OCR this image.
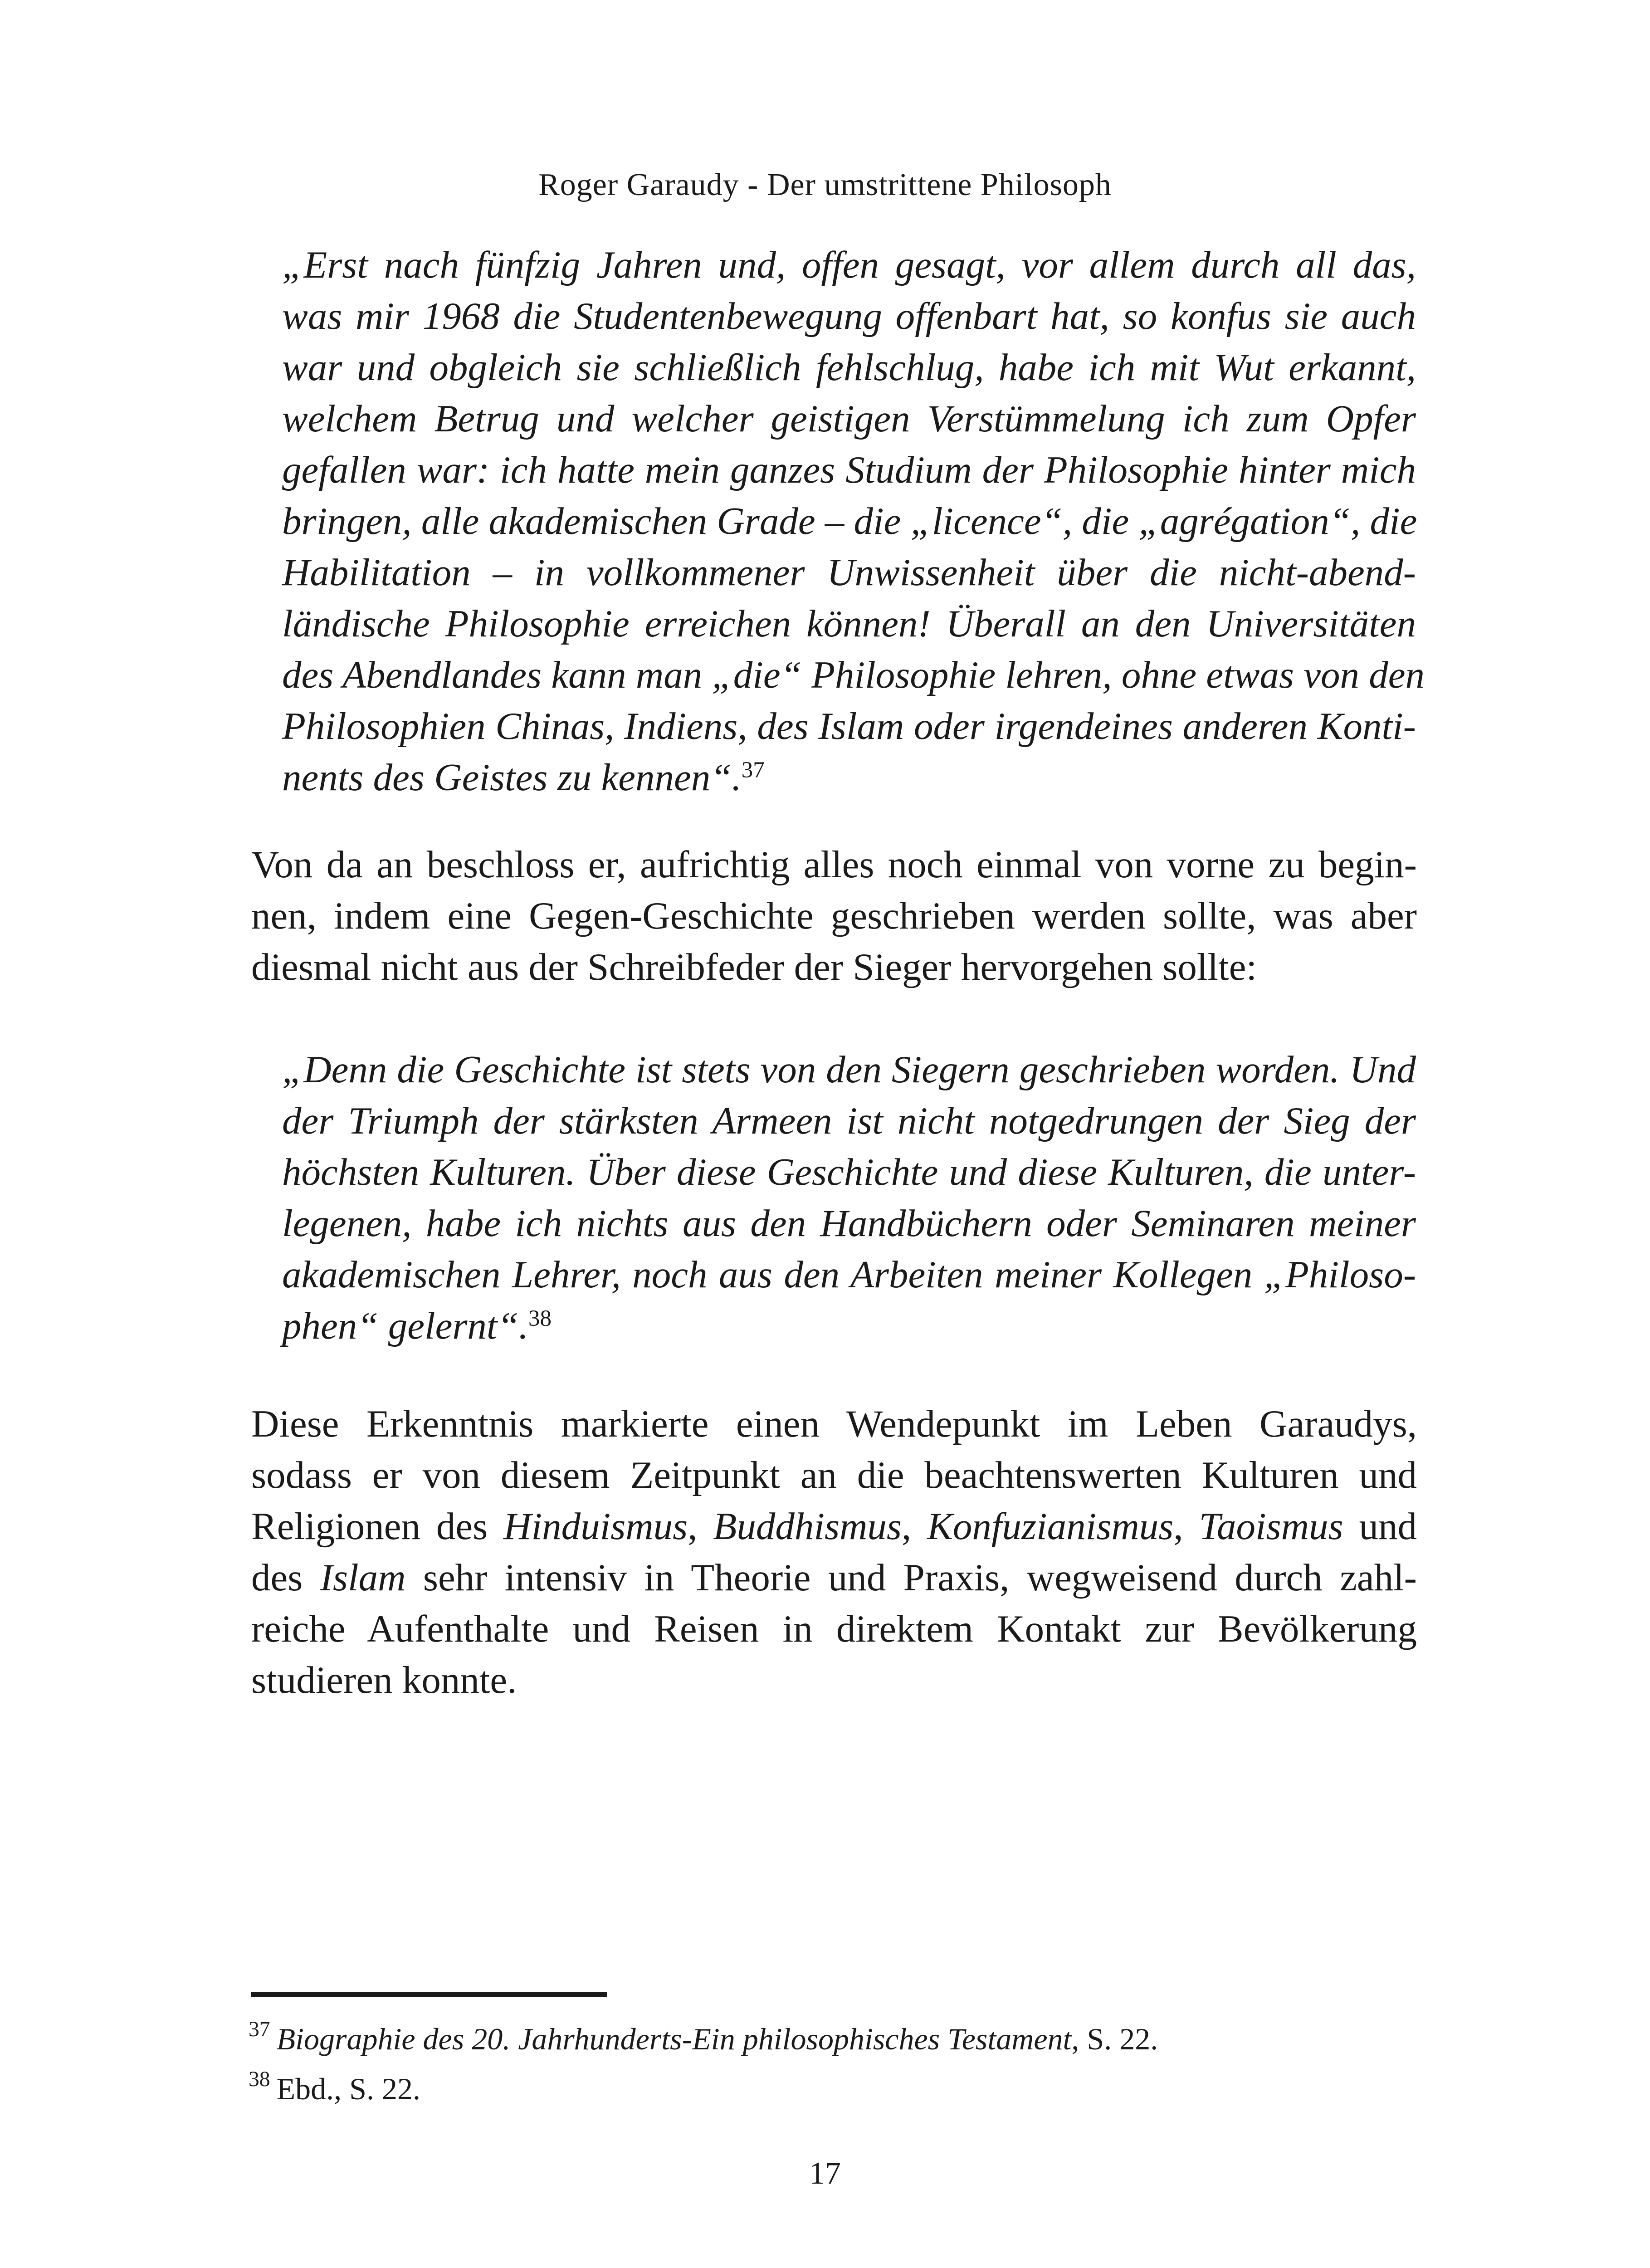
Roger Garaudy - Der umstrittene Philosoph
„Erst nach fünfzig Jahren und, offen gesagt, vor allem durch all das,
was mir 1968 die Studentenbewegung offenbart hat, so konfus sie auch
war und obgleich sie schließlich fehlschlug, habe ich mit Wut erkannt,
welchem Betrug und welcher geistigen Verstümmelung ich zum Opfer
gefallen war: ich hatte mein ganzes Studium der Philosophie hinter mich
bringen, alle akademischen Grade – die „licence“, die „agrégation“, die
Habilitation – in vollkommener Unwissenheit über die nicht-abend-
ländische Philosophie erreichen können! Überall an den Universitäten
des Abendlandes kann man „die“ Philosophie lehren, ohne etwas von den
Philosophien Chinas, Indiens, des Islam oder irgendeines anderen Konti-
nents des Geistes zu kennen“.$^{37}$
Von da an beschloss er, aufrichtig alles noch einmal von vorne zu begin-
nen, indem eine Gegen-Geschichte geschrieben werden sollte, was aber
diesmal nicht aus der Schreibfeder der Sieger hervorgehen sollte:
„Denn die Geschichte ist stets von den Siegern geschrieben worden. Und
der Triumph der stärksten Armeen ist nicht notgedrungen der Sieg der
höchsten Kulturen. Über diese Geschichte und diese Kulturen, die unter-
legenen, habe ich nichts aus den Handbüchern oder Seminaren meiner
akademischen Lehrer, noch aus den Arbeiten meiner Kollegen „Philoso-
phen“ gelernt“.$^{38}$
Diese Erkenntnis markierte einen Wendepunkt im Leben Garaudys,
sodass er von diesem Zeitpunkt an die beachtenswerten Kulturen und
Religionen des Hinduismus, Buddhismus, Konfuzianismus, Taoismus und
des Islam sehr intensiv in Theorie und Praxis, wegweisend durch zahl-
reiche Aufenthalte und Reisen in direktem Kontakt zur Bevölkerung
studieren konnte.
$^{37}$ Biographie des 20. Jahrhunderts-Ein philosophisches Testament, S. 22.
$^{38}$ Ebd., S. 22.
17
